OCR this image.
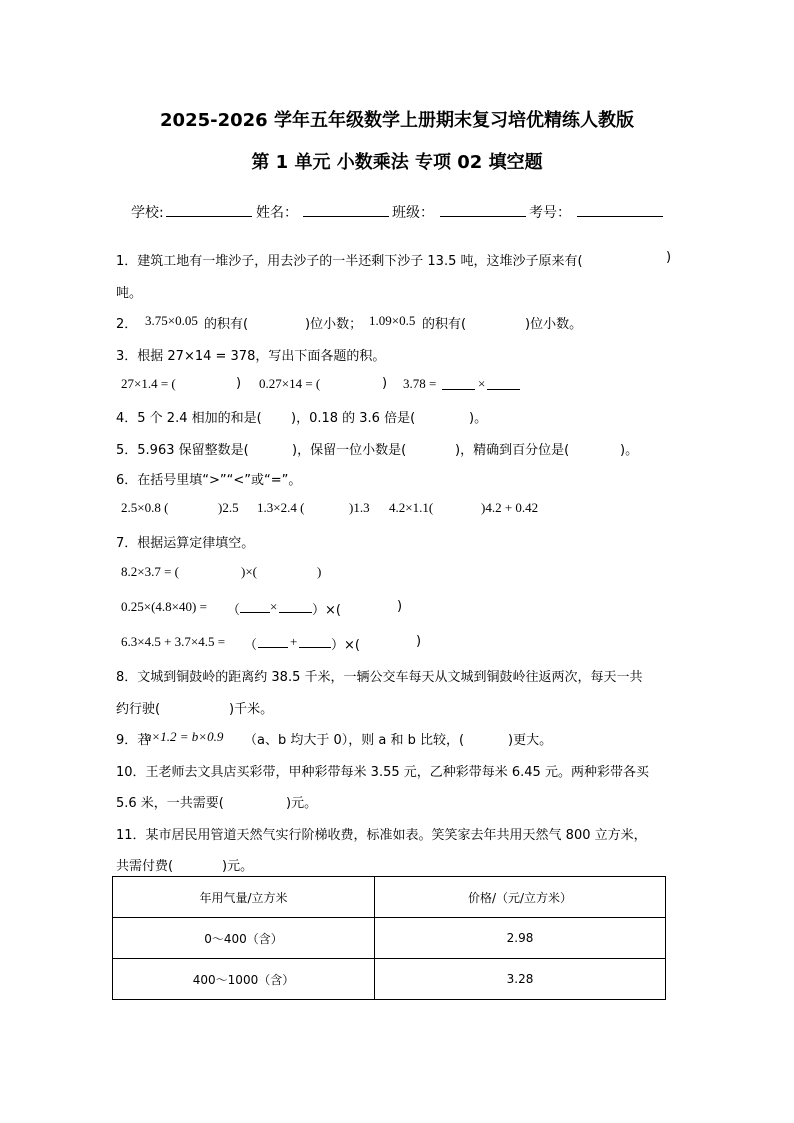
2025-2026 学年五年级数学上册期末复习培优精练人教版
第 1 单元 小数乘法 专项 02 填空题
学校:	姓名：	班级：	考号：
1．建筑工地有一堆沙子，用去沙子的一半还剩下沙子 13.5 吨，这堆沙子原来有(	)
吨。
2． 3.75×0.05 的积有(	)位小数； 1.09×0.5 的积有(	)位小数。
3．根据 27×14 = 378，写出下面各题的积。
27×1.4 = (	) 0.27×14 = (	) 3.78 =	×
4．5 个 2.4 相加的和是( )，0.18 的 3.6 倍是(	)。
5．5.963 保留整数是(	)，保留一位小数是(	)，精确到百分位是(	)。
6．在括号里填“>”“<”或“=”。
2.5×0.8 (	)2.5 1.3×2.4 (	)1.3 4.2×1.1(	)4.2 + 0.42
7．根据运算定律填空。
8.2×3.7 = (	)×(	)
0.25×(4.8×40) = （ ×	）×(	)
6.3×4.5 + 3.7×4.5 = （	+	）×(	)
8．文城到铜鼓岭的距离约 38.5 千米，一辆公交车每天从文城到铜鼓岭往返两次，每天一共
约行驶(	)千米。
9．若
a×1.2 = b×0.9 （a、b 均大于 0），则 a 和 b 比较，(	)更大。
10．王老师去文具店买彩带，甲种彩带每米 3.55 元，乙种彩带每米 6.45 元。两种彩带各买
5.6 米，一共需要(	)元。
11．某市居民用管道天然气实行阶梯收费，标准如表。笑笑家去年共用天然气 800 立方米，
共需付费(	)元。
年用气量/立方米	价格/（元/立方米）
0～400（含）	2.98
400～1000（含）	3.28
